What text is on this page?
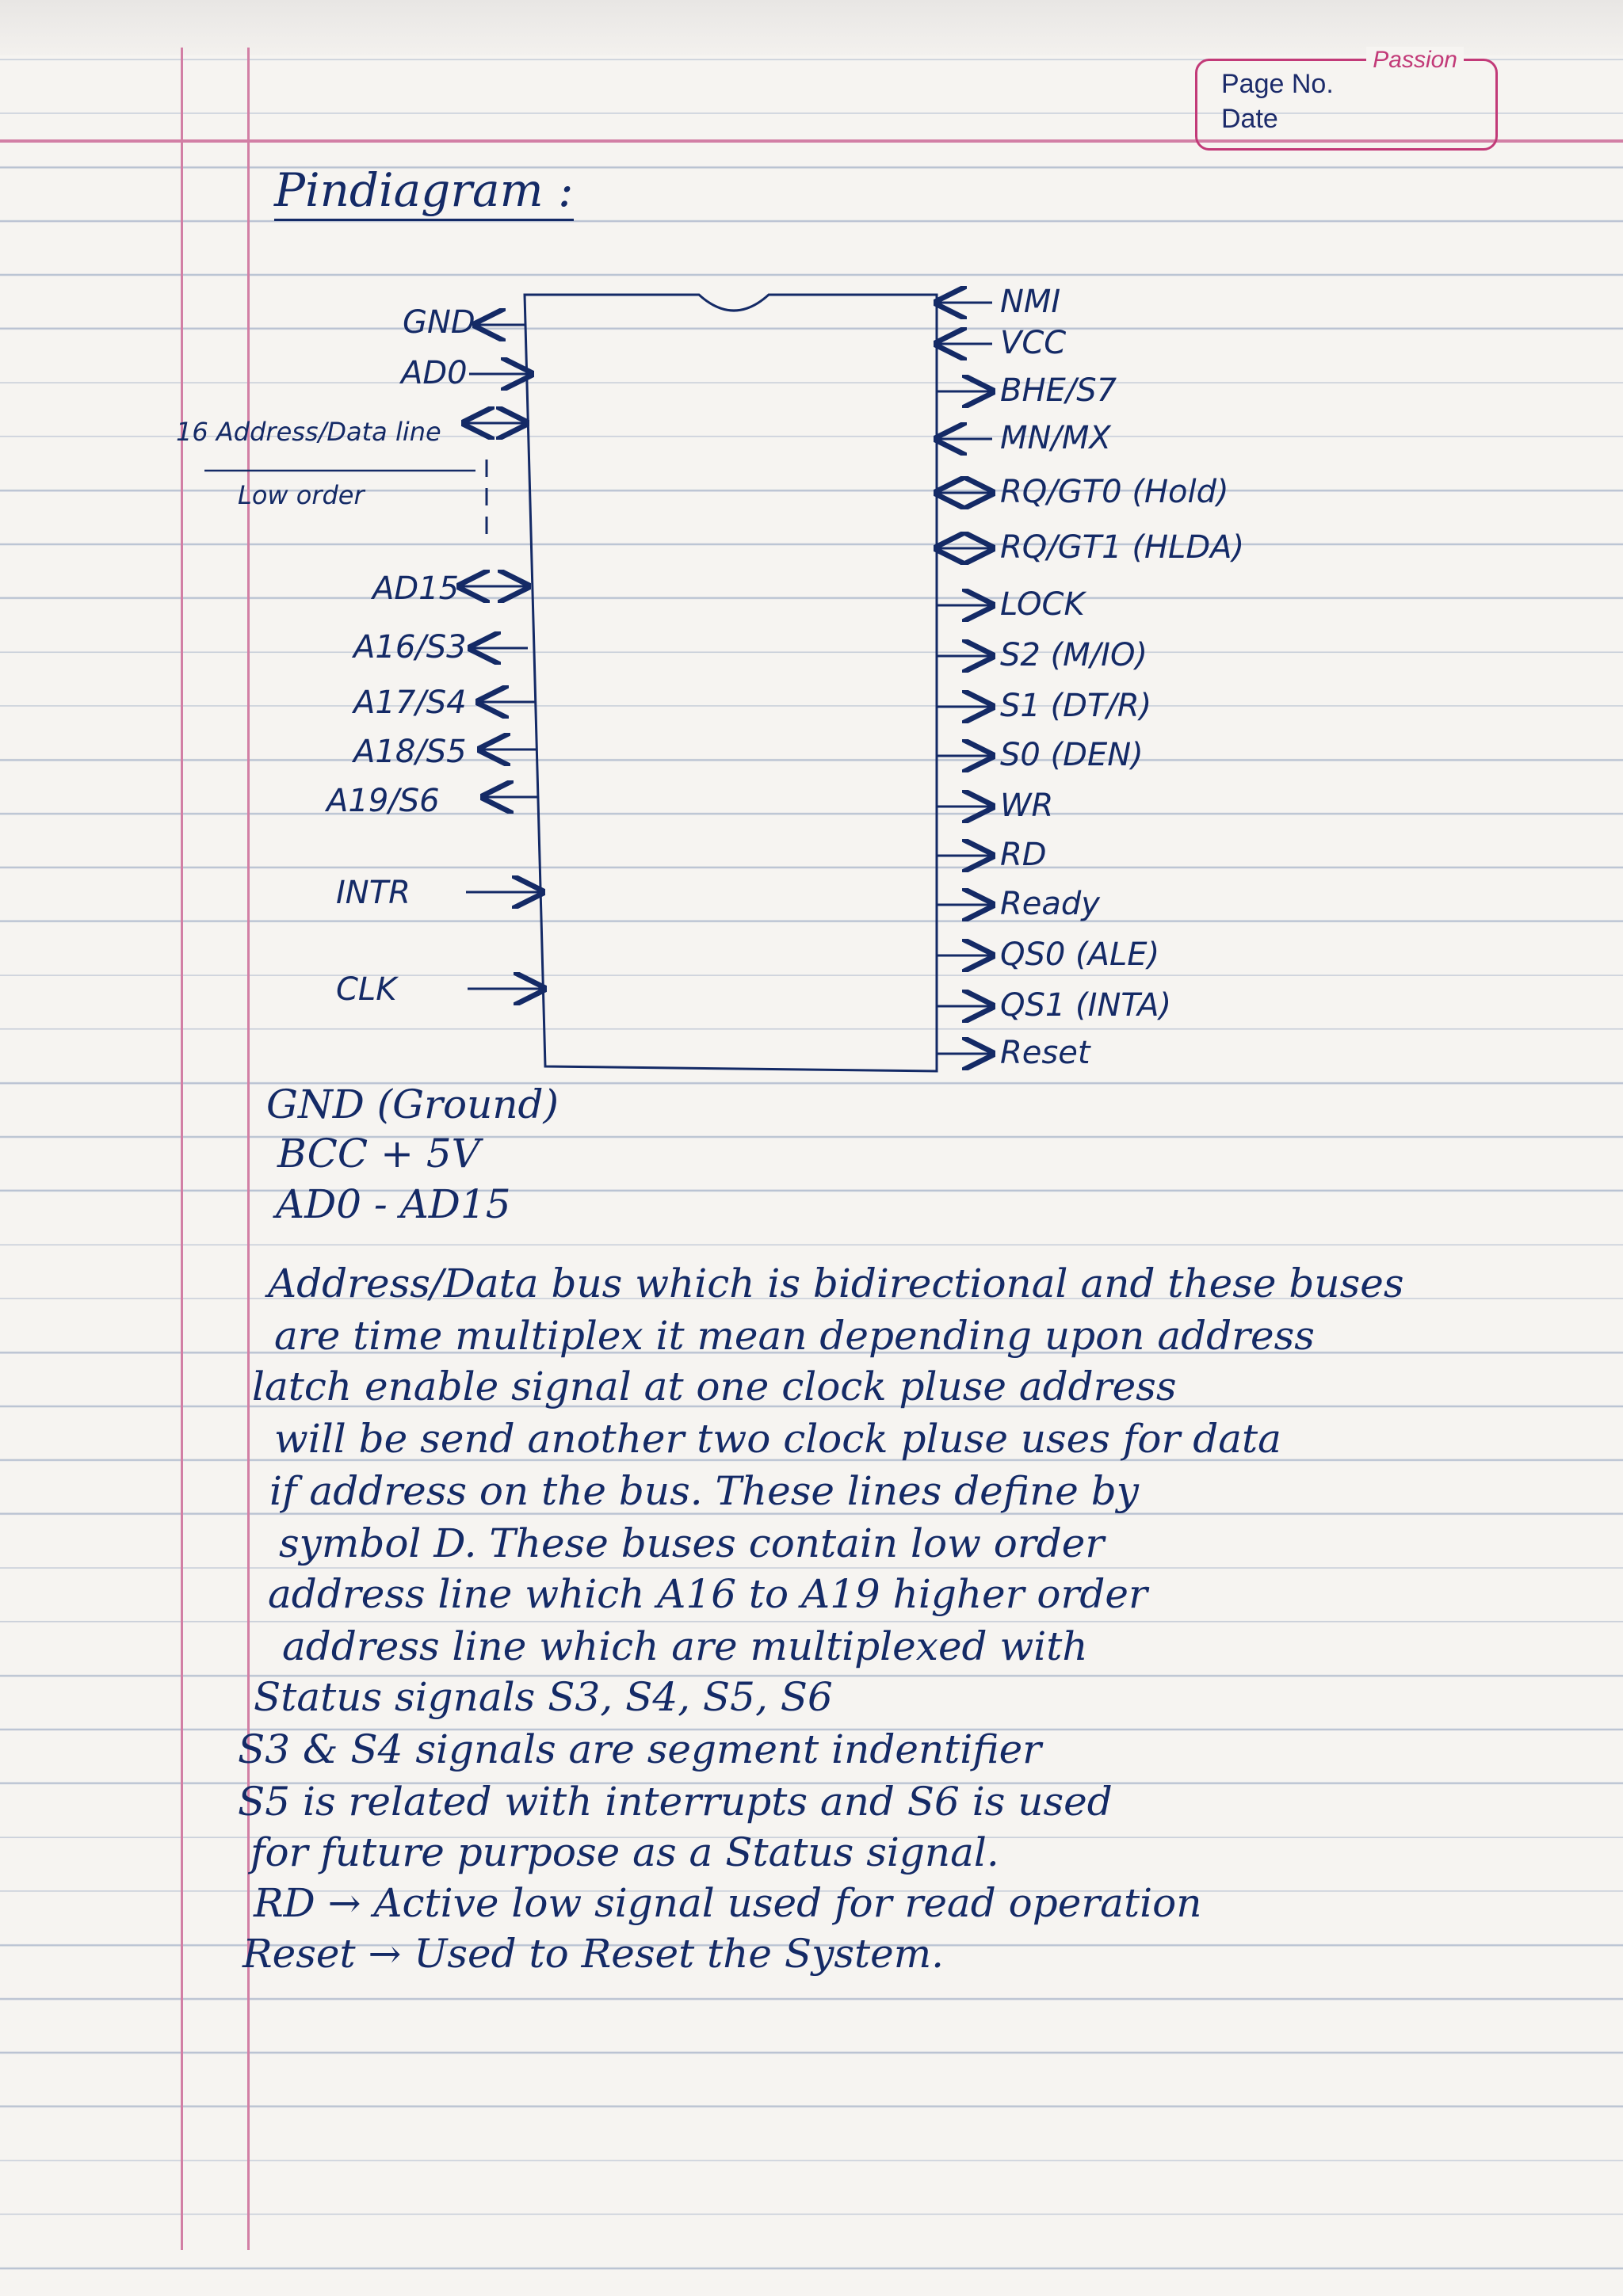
Passion
Page No.
Date
Pindiagram :
GND
AD0
16 Address/Data line
Low order
AD15
A16/S3
A17/S4
A18/S5
A19/S6
INTR
CLK
NMI
VCC
BHE/S7
MN/MX
RQ/GT0 (Hold)
RQ/GT1 (HLDA)
LOCK
S2 (M/IO)
S1 (DT/R)
S0 (DEN)
WR
RD
Ready
QS0 (ALE)
QS1 (INTA)
Reset
GND (Ground)
BCC + 5V
AD0 - AD15
Address/Data bus which is bidirectional and these buses
are time multiplex it mean depending upon address
latch enable signal at one clock pluse address
will be send another two clock pluse uses for data
if address on the bus. These lines define by
symbol D. These buses contain low order
address line which A16 to A19 higher order
address line which are multiplexed with
Status signals S3, S4, S5, S6
S3 & S4 signals are segment indentifier
S5 is related with interrupts and S6 is used
for future purpose as a Status signal.
RD → Active low signal used for read operation
Reset → Used to Reset the System.
